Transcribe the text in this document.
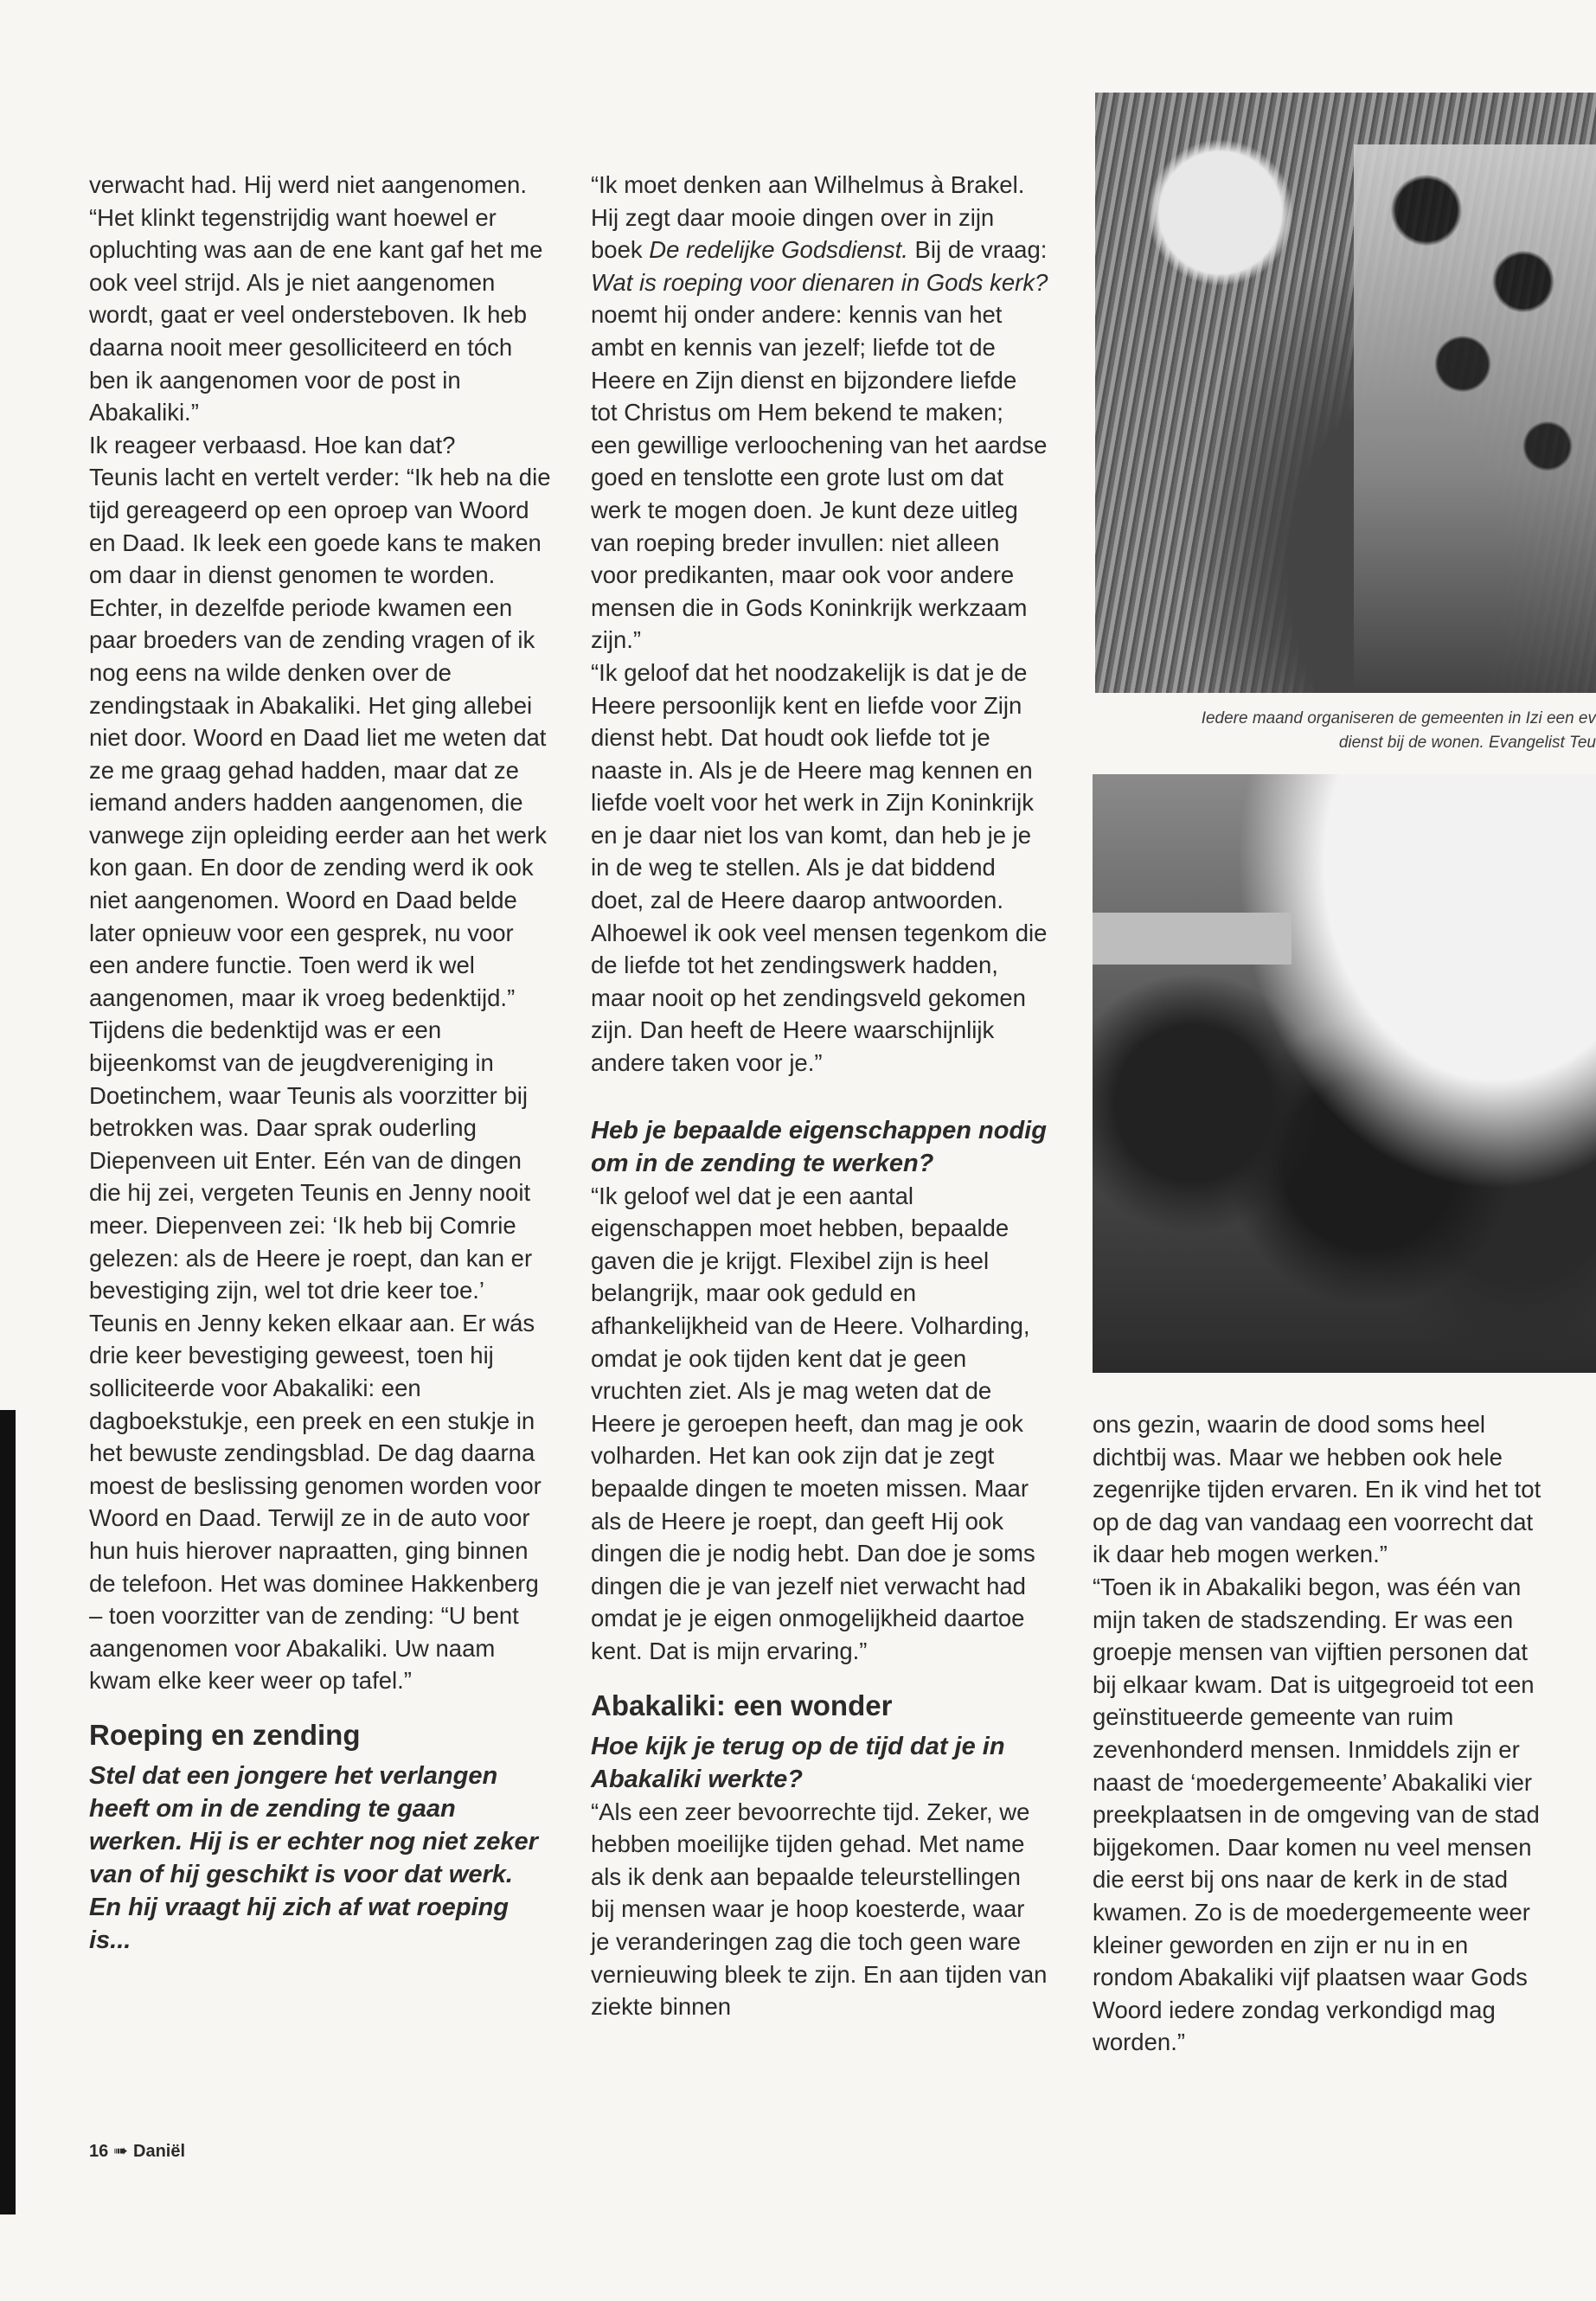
verwacht had. Hij werd niet aangenomen.

“Het klinkt tegenstrijdig want hoewel er opluchting was aan de ene kant gaf het me ook veel strijd. Als je niet aangenomen wordt, gaat er veel ondersteboven. Ik heb daarna nooit meer gesolliciteerd en tóch ben ik aangenomen voor de post in Abakaliki.”

Ik reageer verbaasd. Hoe kan dat?

Teunis lacht en vertelt verder: “Ik heb na die tijd gereageerd op een oproep van Woord en Daad. Ik leek een goede kans te maken om daar in dienst genomen te worden. Echter, in dezelfde periode kwamen een paar broeders van de zending vragen of ik nog eens na wilde denken over de zendingstaak in Abakaliki. Het ging allebei niet door. Woord en Daad liet me weten dat ze me graag gehad hadden, maar dat ze iemand anders hadden aangenomen, die vanwege zijn opleiding eerder aan het werk kon gaan. En door de zending werd ik ook niet aangenomen. Woord en Daad belde later opnieuw voor een gesprek, nu voor een andere functie. Toen werd ik wel aangenomen, maar ik vroeg bedenktijd.”

Tijdens die bedenktijd was er een bijeenkomst van de jeugdvereniging in Doetinchem, waar Teunis als voorzitter bij betrokken was. Daar sprak ouderling Diepenveen uit Enter. Eén van de dingen die hij zei, vergeten Teunis en Jenny nooit meer. Diepenveen zei: ‘Ik heb bij Comrie gelezen: als de Heere je roept, dan kan er bevestiging zijn, wel tot drie keer toe.’ Teunis en Jenny keken elkaar aan. Er wás drie keer bevestiging geweest, toen hij solliciteerde voor Abakaliki: een dagboekstukje, een preek en een stukje in het bewuste zendingsblad. De dag daarna moest de beslissing genomen worden voor Woord en Daad. Terwijl ze in de auto voor hun huis hierover napraatten, ging binnen de telefoon. Het was dominee Hakkenberg – toen voorzitter van de zending: “U bent aangenomen voor Abakaliki. Uw naam kwam elke keer weer op tafel.”

Roeping en zending

Stel dat een jongere het verlangen heeft om in de zending te gaan werken. Hij is er echter nog niet zeker van of hij geschikt is voor dat werk. En hij vraagt hij zich af wat roeping is...

“Ik moet denken aan Wilhelmus à Brakel. Hij zegt daar mooie dingen over in zijn boek De redelijke Godsdienst. Bij de vraag: Wat is roeping voor dienaren in Gods kerk? noemt hij onder andere: kennis van het ambt en kennis van jezelf; liefde tot de Heere en Zijn dienst en bijzondere liefde tot Christus om Hem bekend te maken; een gewillige verloochening van het aardse goed en tenslotte een grote lust om dat werk te mogen doen. Je kunt deze uitleg van roeping breder invullen: niet alleen voor predikanten, maar ook voor andere mensen die in Gods Koninkrijk werkzaam zijn.”

“Ik geloof dat het noodzakelijk is dat je de Heere persoonlijk kent en liefde voor Zijn dienst hebt. Dat houdt ook liefde tot je naaste in. Als je de Heere mag kennen en liefde voelt voor het werk in Zijn Koninkrijk en je daar niet los van komt, dan heb je je in de weg te stellen. Als je dat biddend doet, zal de Heere daarop antwoorden. Alhoewel ik ook veel mensen tegenkom die de liefde tot het zendingswerk hadden, maar nooit op het zendingsveld gekomen zijn. Dan heeft de Heere waarschijnlijk andere taken voor je.”

Heb je bepaalde eigenschappen nodig om in de zending te werken?

“Ik geloof wel dat je een aantal eigenschappen moet hebben, bepaalde gaven die je krijgt. Flexibel zijn is heel belangrijk, maar ook geduld en afhankelijkheid van de Heere. Volharding, omdat je ook tijden kent dat je geen vruchten ziet. Als je mag weten dat de Heere je geroepen heeft, dan mag je ook volharden. Het kan ook zijn dat je zegt bepaalde dingen te moeten missen. Maar als de Heere je roept, dan geeft Hij ook dingen die je nodig hebt. Dan doe je soms dingen die je van jezelf niet verwacht had omdat je je eigen onmogelijkheid daartoe kent. Dat is mijn ervaring.”

Abakaliki: een wonder

Hoe kijk je terug op de tijd dat je in Abakaliki werkte?

“Als een zeer bevoorrechte tijd. Zeker, we hebben moeilijke tijden gehad. Met name als ik denk aan bepaalde teleurstellingen bij mensen waar je hoop koesterde, waar je veranderingen zag die toch geen ware vernieuwing bleek te zijn. En aan tijden van ziekte binnen

Iedere maand organiseren de gemeenten in Izi een ev
dienst bij de wonen. Evangelist Teu

ons gezin, waarin de dood soms heel dichtbij was. Maar we hebben ook hele zegenrijke tijden ervaren. En ik vind het tot op de dag van vandaag een voorrecht dat ik daar heb mogen werken.”

“Toen ik in Abakaliki begon, was één van mijn taken de stadszending. Er was een groepje mensen van vijftien personen dat bij elkaar kwam. Dat is uitgegroeid tot een geïnstitueerde gemeente van ruim zevenhonderd mensen. Inmiddels zijn er naast de ‘moedergemeente’ Abakaliki vier preekplaatsen in de omgeving van de stad bijgekomen. Daar komen nu veel mensen die eerst bij ons naar de kerk in de stad kwamen. Zo is de moedergemeente weer kleiner geworden en zijn er nu in en rondom Abakaliki vijf plaatsen waar Gods Woord iedere zondag verkondigd mag worden.”

16 ➠ Daniël
